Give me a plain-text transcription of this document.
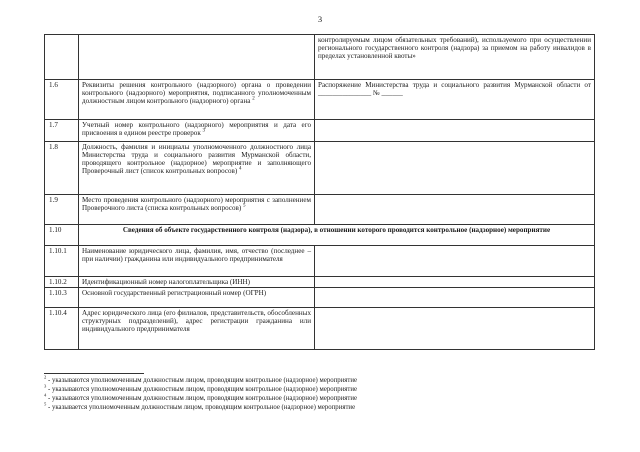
3
		контролируемым лицом обязательных требований), используемого при осуществлении регионального государственного контроля (надзора) за приемом на работу инвалидов в пределах установленной квоты»
1.6	Реквизиты решения контрольного (надзорного) органа о проведении контрольного (надзорного) мероприятия, подписанного уполномоченным должностным лицом контрольного (надзорного) органа $^2$	Распоряжение Министерства труда и социального развития Мурманской области от _______________ № ______
1.7	Учетный номер контрольного (надзорного) мероприятия и дата его присвоения в едином реестре проверок $^3$	
1.8	Должность, фамилия и инициалы уполномоченного должностного лица Министерства труда и социального развития Мурманской области, проводящего контрольное (надзорное) мероприятие и заполняющего Проверочный лист (список контрольных вопросов) $^4$	
1.9	Место проведения контрольного (надзорного) мероприятия с заполнением Проверочного листа (списка контрольных вопросов) $^5$	
1.10	Сведения об объекте государственного контроля (надзора), в отношении которого проводится контрольное (надзорное) мероприятие	
1.10.1	Наименование юридического лица, фамилия, имя, отчество (последнее – при наличии) гражданина или индивидуального предпринимателя	
1.10.2	Идентификационный номер налогоплательщика (ИНН)	
1.10.3	Основной государственный регистрационный номер (ОГРН)	
1.10.4	Адрес юридического лица (его филиалов, представительств, обособленных структурных подразделений), адрес регистрации гражданина или индивидуального предпринимателя	
$^2$ - указываются уполномоченным должностным лицом, проводящим контрольное (надзорное) мероприятие
$^3$ - указываются уполномоченным должностным лицом, проводящим контрольное (надзорное) мероприятие
$^4$ - указываются уполномоченным должностным лицом, проводящим контрольное (надзорное) мероприятие
$^5$ - указывается уполномоченным должностным лицом, проводящим контрольное (надзорное) мероприятие
